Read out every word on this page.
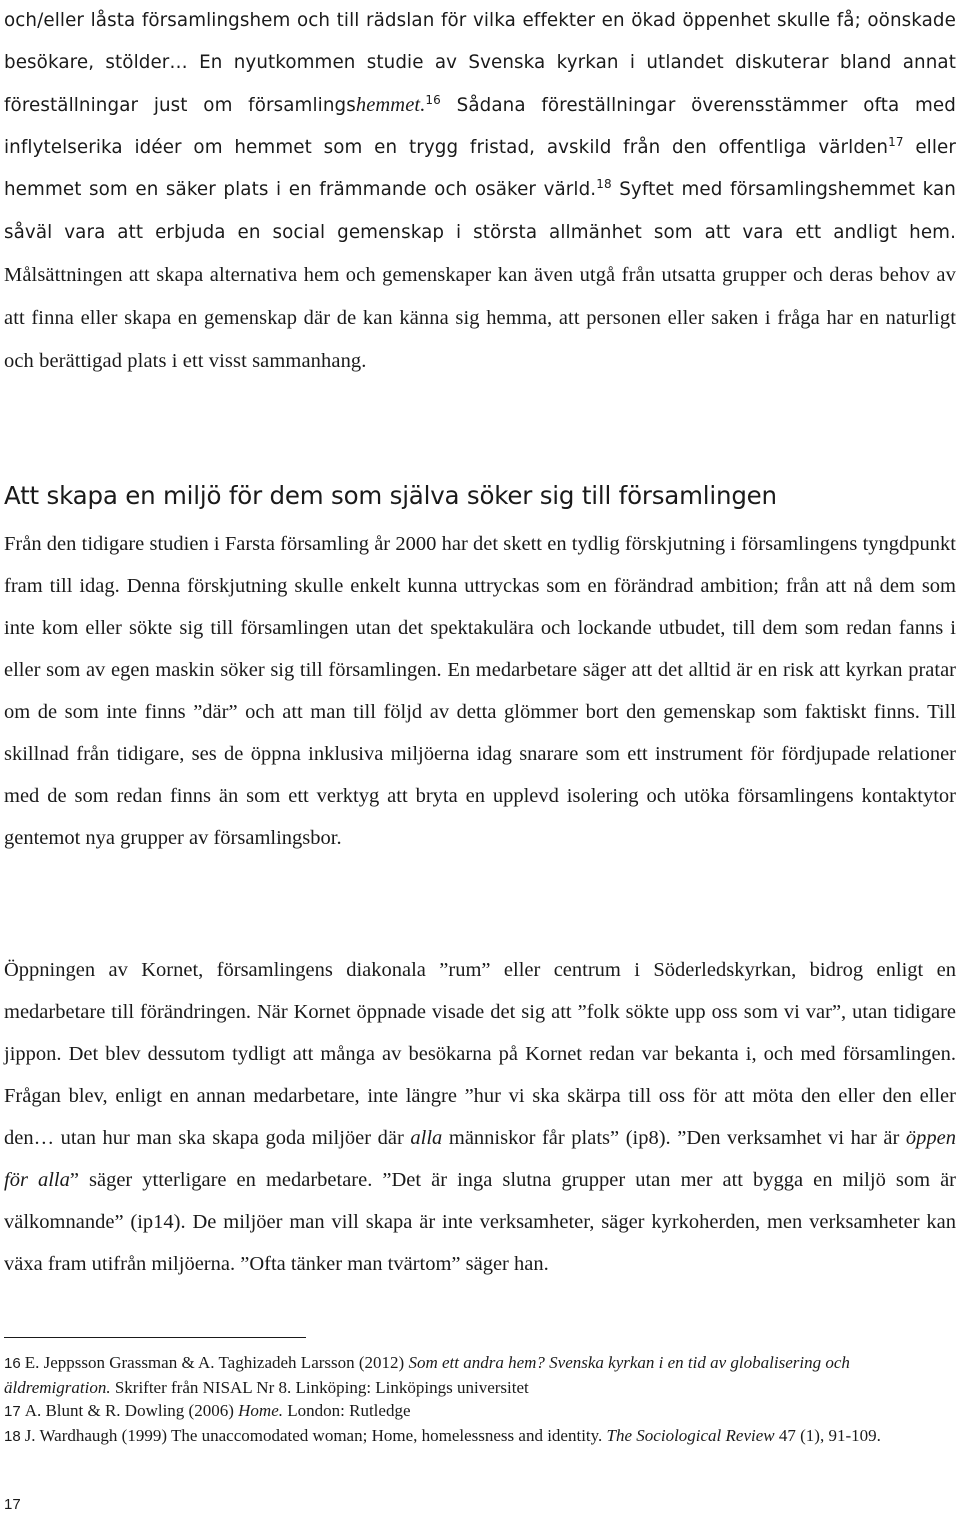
och/eller låsta församlingshem och till rädslan för vilka effekter en ökad öppenhet skulle få; oönskade besökare, stölder… En nyutkommen studie av Svenska kyrkan i utlandet diskuterar bland annat föreställningar just om församlingshemmet.$^{16}$ Sådana föreställningar överensstämmer ofta med inflytelserika idéer om hemmet som en trygg fristad, avskild från den offentliga världen$^{17}$ eller hemmet som en säker plats i en främmande och osäker värld.$^{18}$ Syftet med församlingshemmet kan såväl vara att erbjuda en social gemenskap i största allmänhet som att vara ett andligt hem. Målsättningen att skapa alternativa hem och gemenskaper kan även utgå från utsatta grupper och deras behov av att finna eller skapa en gemenskap där de kan känna sig hemma, att personen eller saken i fråga har en naturligt och berättigad plats i ett visst sammanhang.

Att skapa en miljö för dem som själva söker sig till församlingen

Från den tidigare studien i Farsta församling år 2000 har det skett en tydlig förskjutning i församlingens tyngdpunkt fram till idag. Denna förskjutning skulle enkelt kunna uttryckas som en förändrad ambition; från att nå dem som inte kom eller sökte sig till församlingen utan det spektakulära och lockande utbudet, till dem som redan fanns i eller som av egen maskin söker sig till församlingen. En medarbetare säger att det alltid är en risk att kyrkan pratar om de som inte finns ”där” och att man till följd av detta glömmer bort den gemenskap som faktiskt finns. Till skillnad från tidigare, ses de öppna inklusiva miljöerna idag snarare som ett instrument för fördjupade relationer med de som redan finns än som ett verktyg att bryta en upplevd isolering och utöka församlingens kontaktytor gentemot nya grupper av församlingsbor.

Öppningen av Kornet, församlingens diakonala ”rum” eller centrum i Söderledskyrkan, bidrog enligt en medarbetare till förändringen. När Kornet öppnade visade det sig att ”folk sökte upp oss som vi var”, utan tidigare jippon. Det blev dessutom tydligt att många av besökarna på Kornet redan var bekanta i, och med församlingen. Frågan blev, enligt en annan medarbetare, inte längre ”hur vi ska skärpa till oss för att möta den eller den eller den… utan hur man ska skapa goda miljöer där alla människor får plats” (ip8). ”Den verksamhet vi har är öppen för alla” säger ytterligare en medarbetare. ”Det är inga slutna grupper utan mer att bygga en miljö som är välkomnande” (ip14). De miljöer man vill skapa är inte verksamheter, säger kyrkoherden, men verksamheter kan växa fram utifrån miljöerna. ”Ofta tänker man tvärtom” säger han.

16 E. Jeppsson Grassman & A. Taghizadeh Larsson (2012) Som ett andra hem? Svenska kyrkan i en tid av globalisering och äldremigration. Skrifter från NISAL Nr 8. Linköping: Linköpings universitet

17 A. Blunt & R. Dowling (2006) Home. London: Rutledge

18 J. Wardhaugh (1999) The unaccomodated woman; Home, homelessness and identity. The Sociological Review 47 (1), 91-109.

17
